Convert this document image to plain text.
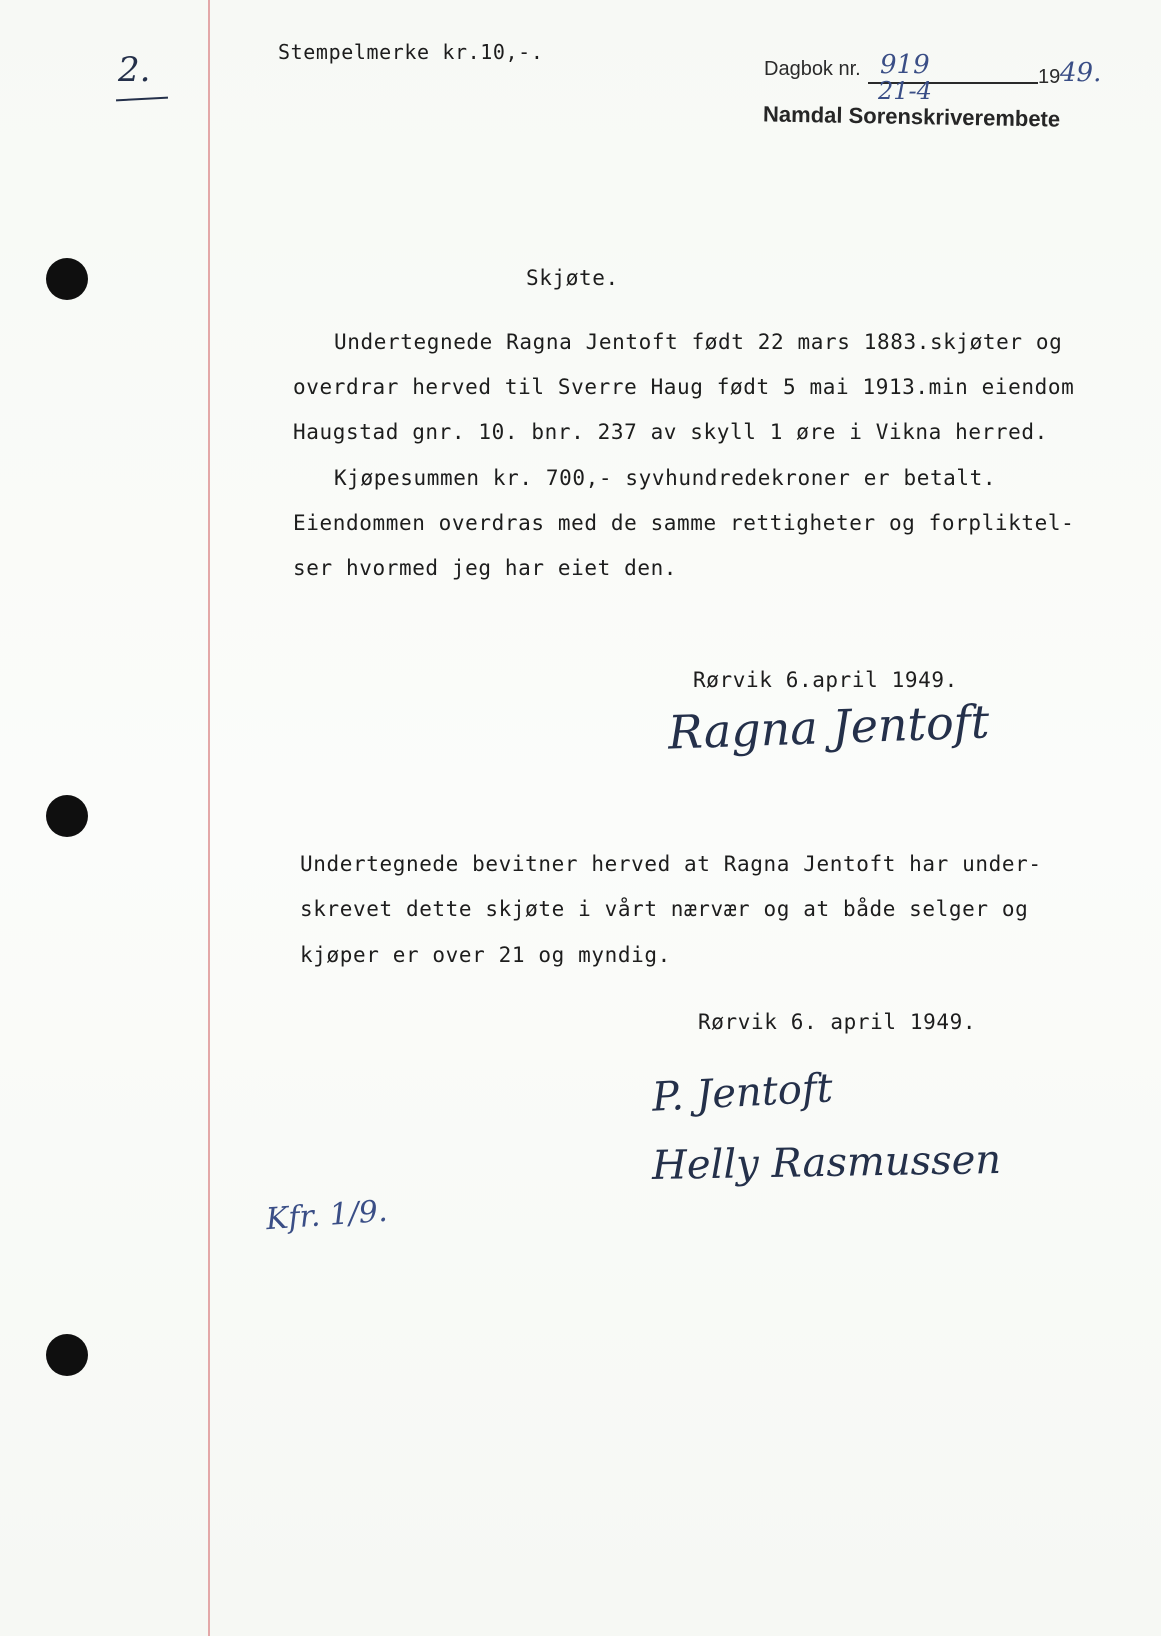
2.	Stempelmerke kr.10,-.

Dagbok nr. 919
21-4	19 49.
Namdal Sorenskriverembete

Skjøte.

Undertegnede Ragna Jentoft født 22 mars 1883.skjøter og

overdrar herved til Sverre Haug født 5 mai 1913.min eiendom

Haugstad gnr. 10. bnr. 237 av skyll 1 øre i Vikna herred.

Kjøpesummen kr. 700,- syvhundredekroner er betalt.

Eiendommen overdras med de samme rettigheter og forpliktel-

ser hvormed jeg har eiet den.

Rørvik 6.april 1949.

Ragna Jentoft

Undertegnede bevitner herved at Ragna Jentoft har under-

skrevet dette skjøte i vårt nærvær og at både selger og

kjøper er over 21 og myndig.

Rørvik 6. april 1949.

P. Jentoft
Helly Rasmussen
Kfr. 1/9.
